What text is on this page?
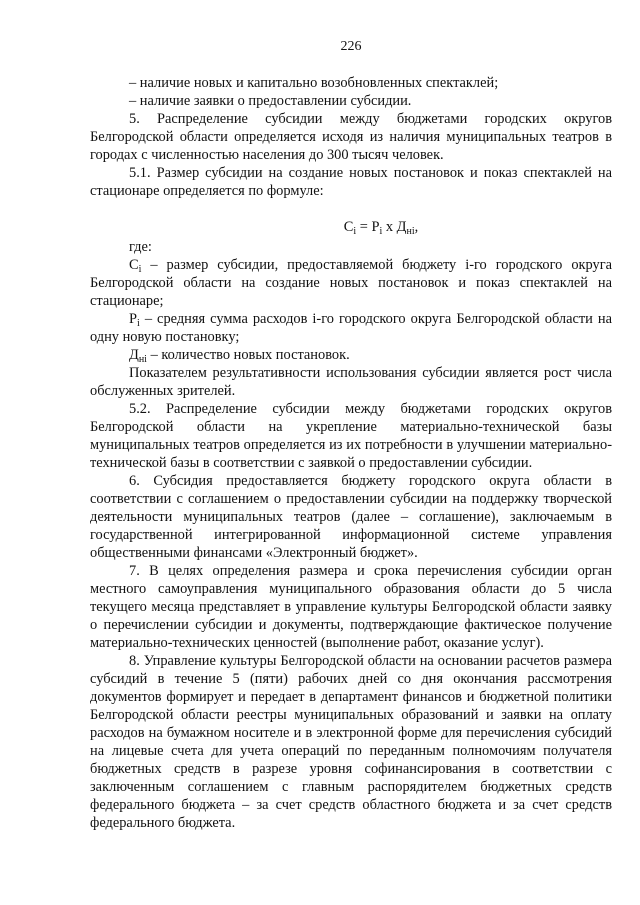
226

– наличие новых и капитально возобновленных спектаклей;

– наличие заявки о предоставлении субсидии.

5. Распределение субсидии между бюджетами городских округов Белгородской области определяется исходя из наличия муниципальных театров в городах с численностью населения до 300 тысяч человек.

5.1. Размер субсидии на создание новых постановок и показ спектаклей на стационаре определяется по формуле:

$С_i = Р_i$ х $Д_{нi}$,

где:

$С_i$ – размер субсидии, предоставляемой бюджету i-го городского округа Белгородской области на создание новых постановок и показ спектаклей на стационаре;

$Р_i$ – средняя сумма расходов i-го городского округа Белгородской области на одну новую постановку;

$Д_{нi}$ – количество новых постановок.

Показателем результативности использования субсидии является рост числа обслуженных зрителей.

5.2. Распределение субсидии между бюджетами городских округов Белгородской области на укрепление материально-технической базы муниципальных театров определяется из их потребности в улучшении материально-технической базы в соответствии с заявкой о предоставлении субсидии.

6. Субсидия предоставляется бюджету городского округа области в соответствии с соглашением о предоставлении субсидии на поддержку творческой деятельности муниципальных театров (далее – соглашение), заключаемым в государственной интегрированной информационной системе управления общественными финансами «Электронный бюджет».

7. В целях определения размера и срока перечисления субсидии орган местного самоуправления муниципального образования области до 5 числа текущего месяца представляет в управление культуры Белгородской области заявку о перечислении субсидии и документы, подтверждающие фактическое получение материально-технических ценностей (выполнение работ, оказание услуг).

8. Управление культуры Белгородской области на основании расчетов размера субсидий в течение 5 (пяти) рабочих дней со дня окончания рассмотрения документов формирует и передает в департамент финансов и бюджетной политики Белгородской области реестры муниципальных образований и заявки на оплату расходов на бумажном носителе и в электронной форме для перечисления субсидий на лицевые счета для учета операций по переданным полномочиям получателя бюджетных средств в разрезе уровня софинансирования в соответствии с заключенным соглашением с главным распорядителем бюджетных средств федерального бюджета – за счет средств областного бюджета и за счет средств федерального бюджета.
